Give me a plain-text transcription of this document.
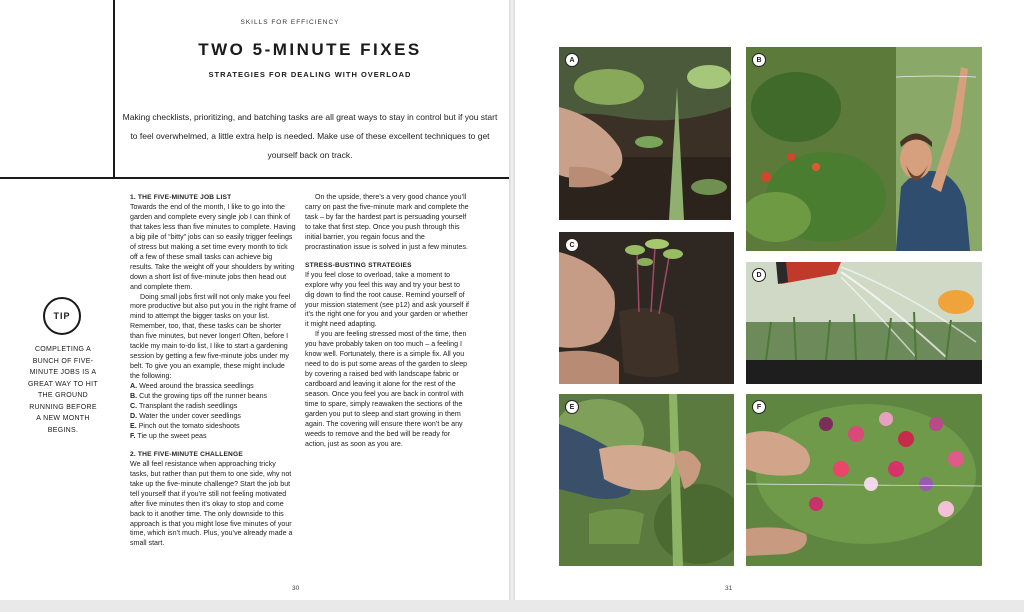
TWO 5-MINUTE FIXES
STRATEGIES FOR DEALING WITH OVERLOAD
Making checklists, prioritizing, and batching tasks are all great ways to stay in control but if you start to feel overwhelmed, a little extra help is needed. Make use of these excellent techniques to get yourself back on track.
TIP
COMPLETING A BUNCH OF FIVE-MINUTE JOBS IS A GREAT WAY TO HIT THE GROUND RUNNING BEFORE A NEW MONTH BEGINS.
1. THE FIVE-MINUTE JOB LIST

Towards the end of the month, I like to go into the garden and complete every single job I can think of that takes less than five minutes to complete. Having a big pile of “bitty” jobs can so easily trigger feelings of stress but making a set time every month to tick off a few of these small tasks can achieve big results. Take the weight off your shoulders by writing down a short list of five-minute jobs then head out and complete them.

Doing small jobs first will not only make you feel more productive but also put you in the right frame of mind to attempt the bigger tasks on your list. Remember, too, that, these tasks can be shorter than five minutes, but never longer! Often, before I tackle my main to-do list, I like to start a gardening session by getting a few five-minute jobs under my belt. To give you an example, these might include the following:

A. Weed around the brassica seedlings
B. Cut the growing tips off the runner beans
C. Transplant the radish seedlings
D. Water the under cover seedlings
E. Pinch out the tomato sideshoots
F. Tie up the sweet peas
2. THE FIVE-MINUTE CHALLENGE

We all feel resistance when approaching tricky tasks, but rather than put them to one side, why not take up the five-minute challenge? Start the job but tell yourself that if you’re still not feeling motivated after five minutes then it’s okay to stop and come back to it another time. The only downside to this approach is that you might lose five minutes of your time, which isn’t much. Plus, you’ve already made a small start.

On the upside, there’s a very good chance you’ll carry on past the five-minute mark and complete the task – by far the hardest part is persuading yourself to take that first step. Once you push through this initial barrier, you regain focus and the procrastination issue is solved in just a few minutes.

STRESS-BUSTING STRATEGIES

If you feel close to overload, take a moment to explore why you feel this way and try your best to dig down to find the root cause. Remind yourself of your mission statement (see p12) and ask yourself if it’s the right one for you and your garden or whether it might need adapting.

If you are feeling stressed most of the time, then you have probably taken on too much – a feeling I know well. Fortunately, there is a simple fix. All you need to do is put some areas of the garden to sleep by covering a raised bed with landscape fabric or cardboard and leaving it alone for the rest of the season. Once you feel you are back in control with time to spare, simply reawaken the sections of the garden you put to sleep and start growing in them again. The covering will ensure there won’t be any weeds to remove and the bed will be ready for action, just as soon as you are.

30
SKILLS FOR EFFICIENCY
A	B
C
D
E	F
31
